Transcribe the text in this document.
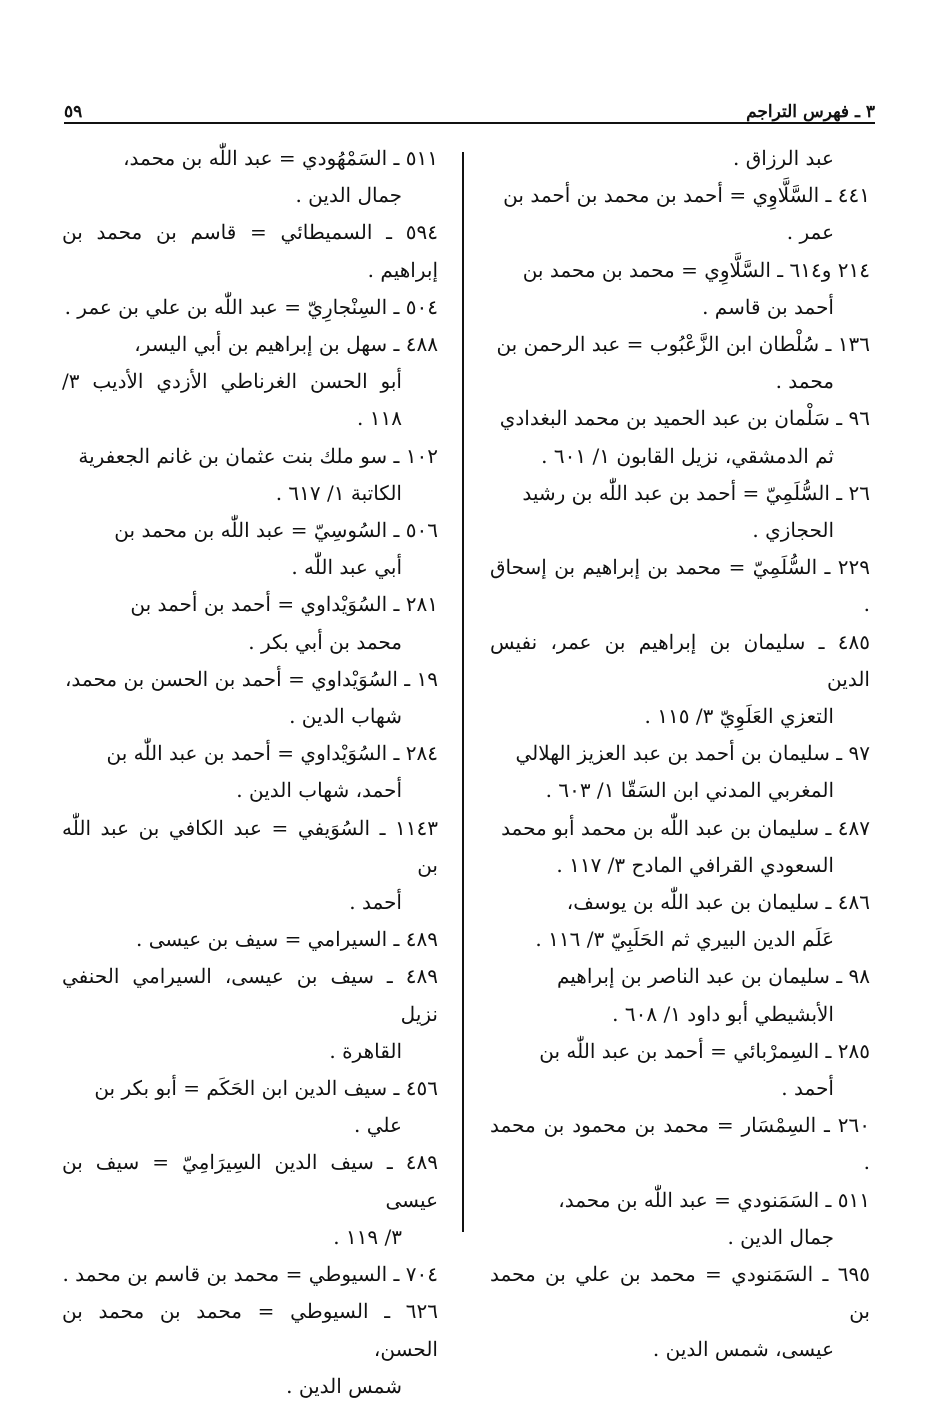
٣ ـ فهرس التراجم
٥٩

عبد الرزاق .

٤٤١ ـ السَّلَّاوِي = أحمد بن محمد بن أحمد بن
عمر .

٢١٤ و٦١٤ ـ السَّلَّاوِي = محمد بن محمد بن
أحمد بن قاسم .

١٣٦ ـ سُلْطان ابن الزَّعْبُوب = عبد الرحمن بن
محمد .

٩٦ ـ سَلْمان بن عبد الحميد بن محمد البغدادي
ثم الدمشقي، نزيل القابون ١/ ٦٠١ .

٢٦ ـ السُّلَمِيّ = أحمد بن عبد اللّٰه بن رشيد
الحجازي .

٢٢٩ ـ السُّلَمِيّ = محمد بن إبراهيم بن إسحاق .

٤٨٥ ـ سليمان بن إبراهيم بن عمر، نفيس الدين
التعزي العَلَوِيّ ٣/ ١١٥ .

٩٧ ـ سليمان بن أحمد بن عبد العزيز الهلالي
المغربي المدني ابن السَقّا ١/ ٦٠٣ .

٤٨٧ ـ سليمان بن عبد اللّٰه بن محمد أبو محمد
السعودي القرافي المادح ٣/ ١١٧ .

٤٨٦ ـ سليمان بن عبد اللّٰه بن يوسف،
عَلَم الدين البيري ثم الحَلَبِيّ ٣/ ١١٦ .

٩٨ ـ سليمان بن عبد الناصر بن إبراهيم
الأبشيطي أبو داود ١/ ٦٠٨ .

٢٨٥ ـ السِمرْبائي = أحمد بن عبد اللّٰه بن
أحمد .

٢٦٠ ـ السِمْسَار = محمد بن محمود بن محمد .

٥١١ ـ السَمَنودي = عبد اللّٰه بن محمد،
جمال الدين .

٦٩٥ ـ السَمَنودي = محمد بن علي بن محمد بن
عيسى، شمس الدين .

٥١١ ـ السَمْهُودي = عبد اللّٰه بن محمد،
جمال الدين .

٥٩٤ ـ السميطائي = قاسم بن محمد بن إبراهيم .

٥٠٤ ـ السِنْجارِيّ = عبد اللّٰه بن علي بن عمر .

٤٨٨ ـ سهل بن إبراهيم بن أبي اليسر،
أبو الحسن الغرناطي الأزدي الأديب ٣/ ١١٨ .

١٠٢ ـ سو ملك بنت عثمان بن غانم الجعفرية
الكاتبة ١/ ٦١٧ .

٥٠٦ ـ السُوسِيّ = عبد اللّٰه بن محمد بن
أبي عبد اللّٰه .

٢٨١ ـ السُوَيْداوي = أحمد بن أحمد بن
محمد بن أبي بكر .

١٩ ـ السُوَيْداوي = أحمد بن الحسن بن محمد،
شهاب الدين .

٢٨٤ ـ السُوَيْداوي = أحمد بن عبد اللّٰه بن
أحمد، شهاب الدين .

١١٤٣ ـ السُوَيفي = عبد الكافي بن عبد اللّٰه بن
أحمد .

٤٨٩ ـ السيرامي = سيف بن عيسى .

٤٨٩ ـ سيف بن عيسى، السيرامي الحنفي نزيل
القاهرة .

٤٥٦ ـ سيف الدين ابن الحَكَم = أبو بكر بن
علي .

٤٨٩ ـ سيف الدين السِيرَامِيّ = سيف بن عيسى
٣/ ١١٩ .

٧٠٤ ـ السيوطي = محمد بن قاسم بن محمد .

٦٢٦ ـ السيوطي = محمد بن محمد بن الحسن،
شمس الدين .
